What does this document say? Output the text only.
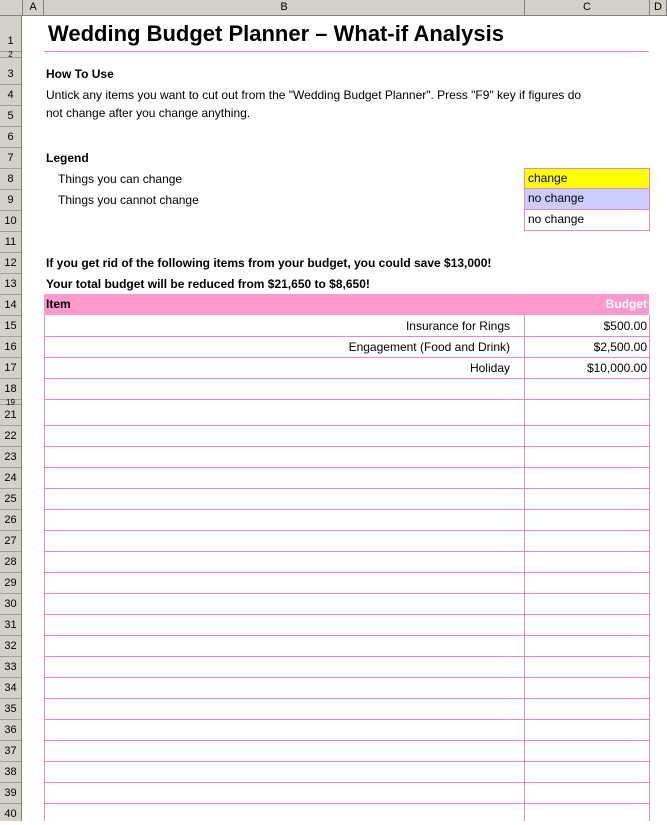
A	B	C	D
1
2
3
4
5
6
7
8
9
10
11
12
13
14
15
16
17
18
19
21
22
23
24
25
26
27
28
29
30
31
32
33
34
35
36
37
38
39
40
Wedding Budget Planner – What-if Analysis
How To Use
Untick any items you want to cut out from the "Wedding Budget Planner". Press "F9" key if figures do
not change after you change anything.
Legend
Things you can change
Things you cannot change
change
no change
no change
If you get rid of the following items from your budget, you could save $13,000!
Your total budget will be reduced from $21,650 to $8,650!
Item	Budget
Insurance for Rings	$500.00
Engagement (Food and Drink)	$2,500.00
Holiday	$10,000.00
